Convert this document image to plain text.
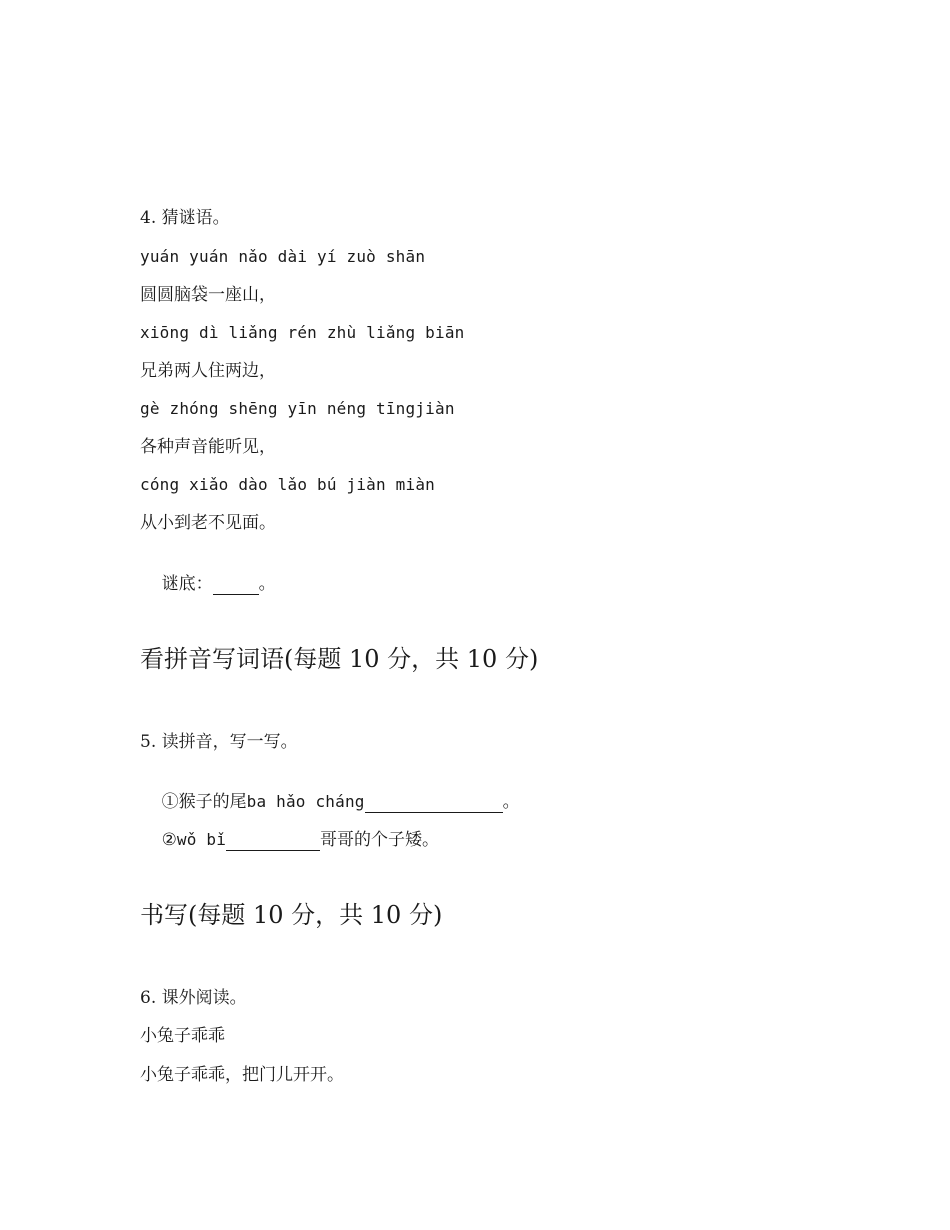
4. 猜谜语。
yuán yuán nǎo dài yí zuò shān
圆圆脑袋一座山，
xiōng dì liǎng rén zhù liǎng biān
兄弟两人住两边，
gè zhóng shēng yīn néng tīngjiàn
各种声音能听见，
cóng xiǎo dào lǎo bú jiàn miàn
从小到老不见面。

谜底：	。

看拼音写词语(每题 10 分，共 10 分)
5. 读拼音，写一写。

①猴子的尾ba hǎo cháng	。

②wǒ bǐ	哥哥的个子矮。

书写(每题 10 分，共 10 分)
6. 课外阅读。
小兔子乖乖
小兔子乖乖，把门儿开开。
